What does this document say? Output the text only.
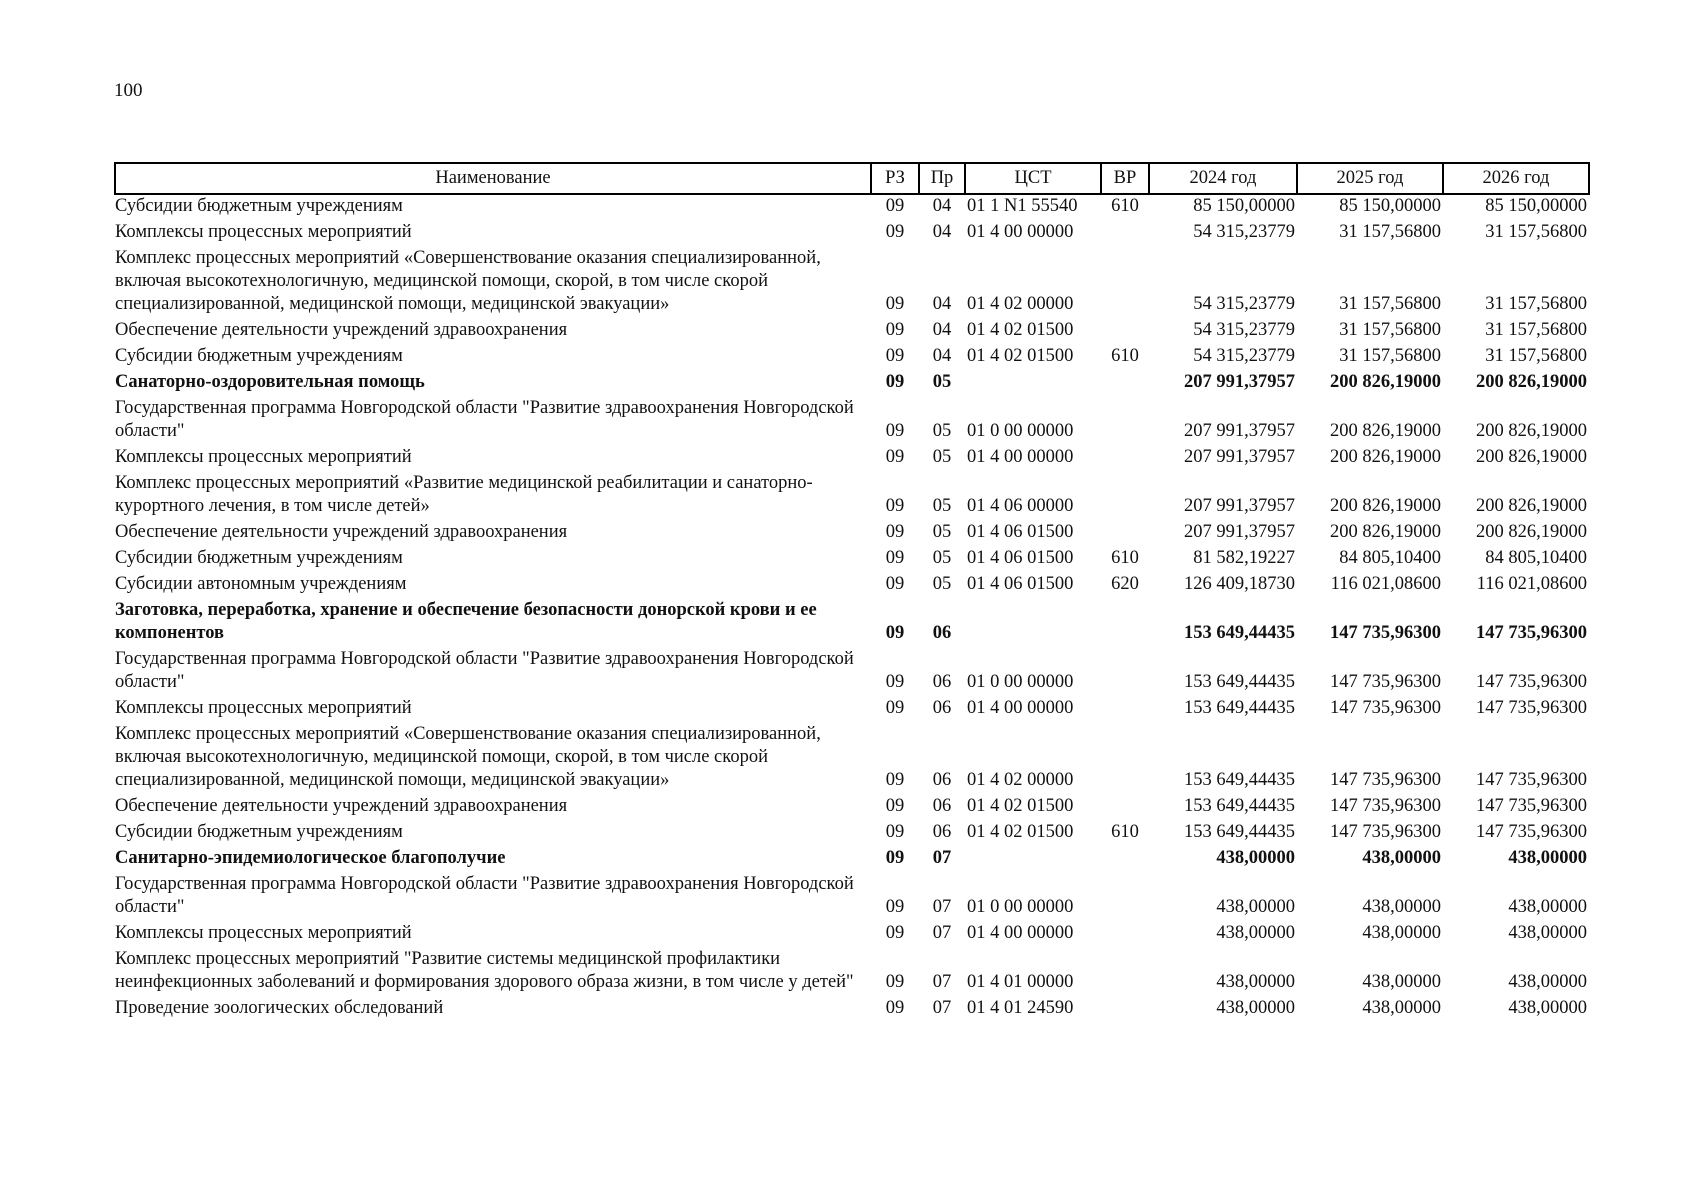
100
Наименование	РЗ	Пр	ЦСТ	ВР	2024 год	2025 год	2026 год
Субсидии бюджетным учреждениям	09	04	01 1 N1 55540	610	85 150,00000	85 150,00000	85 150,00000
Комплексы процессных мероприятий	09	04	01 4 00 00000		54 315,23779	31 157,56800	31 157,56800
Комплекс процессных мероприятий «Совершенствование оказания специализированной, включая высокотехнологичную, медицинской помощи, скорой, в том числе скорой специализированной, медицинской помощи, медицинской эвакуации»	09	04	01 4 02 00000		54 315,23779	31 157,56800	31 157,56800
Обеспечение деятельности учреждений здравоохранения	09	04	01 4 02 01500		54 315,23779	31 157,56800	31 157,56800
Субсидии бюджетным учреждениям	09	04	01 4 02 01500	610	54 315,23779	31 157,56800	31 157,56800
Санаторно-оздоровительная помощь	09	05			207 991,37957	200 826,19000	200 826,19000
Государственная программа Новгородской области "Развитие здравоохранения Новгородской области"	09	05	01 0 00 00000		207 991,37957	200 826,19000	200 826,19000
Комплексы процессных мероприятий	09	05	01 4 00 00000		207 991,37957	200 826,19000	200 826,19000
Комплекс процессных мероприятий «Развитие медицинской реабилитации и санаторно-курортного лечения, в том числе детей»	09	05	01 4 06 00000		207 991,37957	200 826,19000	200 826,19000
Обеспечение деятельности учреждений здравоохранения	09	05	01 4 06 01500		207 991,37957	200 826,19000	200 826,19000
Субсидии бюджетным учреждениям	09	05	01 4 06 01500	610	81 582,19227	84 805,10400	84 805,10400
Субсидии автономным учреждениям	09	05	01 4 06 01500	620	126 409,18730	116 021,08600	116 021,08600
Заготовка, переработка, хранение и обеспечение безопасности донорской крови и ее компонентов	09	06			153 649,44435	147 735,96300	147 735,96300
Государственная программа Новгородской области "Развитие здравоохранения Новгородской области"	09	06	01 0 00 00000		153 649,44435	147 735,96300	147 735,96300
Комплексы процессных мероприятий	09	06	01 4 00 00000		153 649,44435	147 735,96300	147 735,96300
Комплекс процессных мероприятий «Совершенствование оказания специализированной, включая высокотехнологичную, медицинской помощи, скорой, в том числе скорой специализированной, медицинской помощи, медицинской эвакуации»	09	06	01 4 02 00000		153 649,44435	147 735,96300	147 735,96300
Обеспечение деятельности учреждений здравоохранения	09	06	01 4 02 01500		153 649,44435	147 735,96300	147 735,96300
Субсидии бюджетным учреждениям	09	06	01 4 02 01500	610	153 649,44435	147 735,96300	147 735,96300
Санитарно-эпидемиологическое благополучие	09	07			438,00000	438,00000	438,00000
Государственная программа Новгородской области "Развитие здравоохранения Новгородской области"	09	07	01 0 00 00000		438,00000	438,00000	438,00000
Комплексы процессных мероприятий	09	07	01 4 00 00000		438,00000	438,00000	438,00000
Комплекс процессных мероприятий "Развитие системы медицинской профилактики неинфекционных заболеваний и формирования здорового образа жизни, в том числе у детей"	09	07	01 4 01 00000		438,00000	438,00000	438,00000
Проведение зоологических обследований	09	07	01 4 01 24590		438,00000	438,00000	438,00000
